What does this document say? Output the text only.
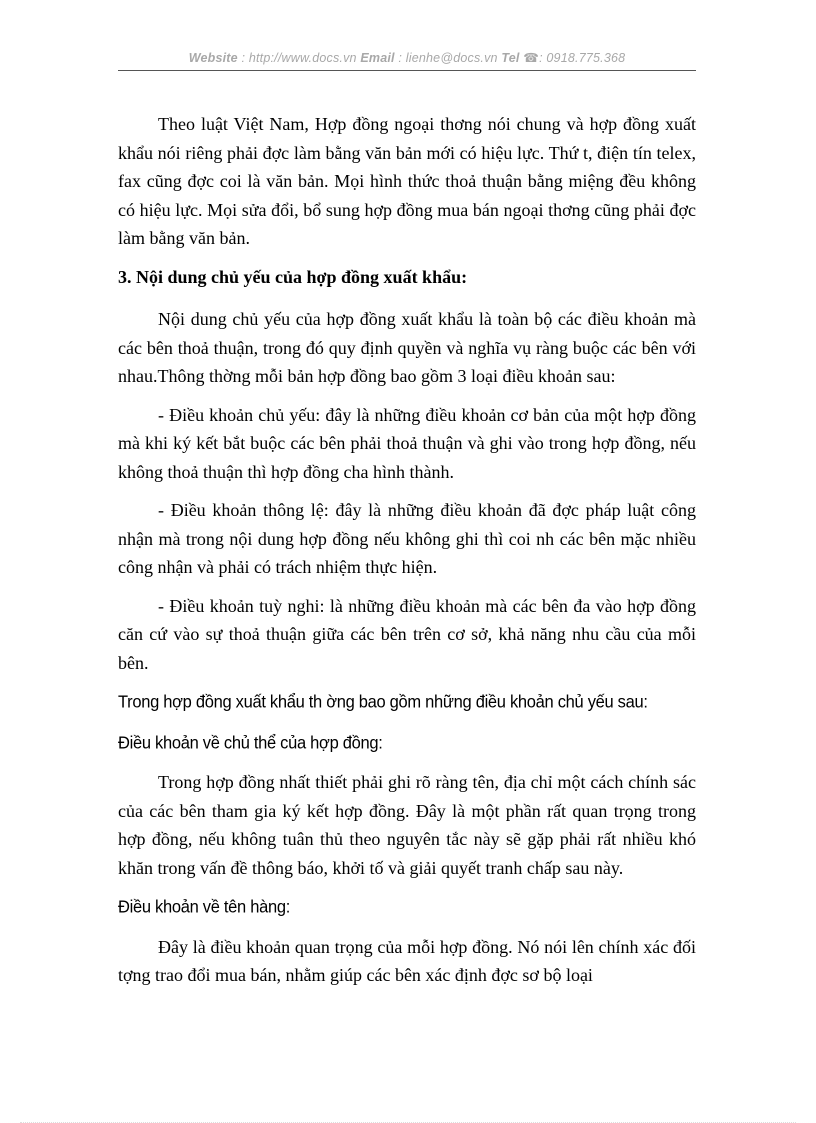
Website : http://www.docs.vn Email : lienhe@docs.vn Tel ☎: 0918.775.368

Theo luật Việt Nam, Hợp đồng ngoại thơng nói chung và hợp đồng xuất khẩu nói riêng phải đợc làm bằng văn bản mới có hiệu lực. Thứ t, điện tín telex, fax cũng đợc coi là văn bản. Mọi hình thức thoả thuận bằng miệng đều không có hiệu lực. Mọi sửa đổi, bổ sung hợp đồng mua bán ngoại thơng cũng phải đợc làm bằng văn bản.

3. Nội dung chủ yếu của hợp đồng xuất khẩu:

Nội dung chủ yếu của hợp đồng xuất khẩu là toàn bộ các điều khoản mà các bên thoả thuận, trong đó quy định quyền và nghĩa vụ ràng buộc các bên với nhau.Thông thờng mỗi bản hợp đồng bao gồm 3 loại điều khoản sau:

- Điều khoản chủ yếu: đây là những điều khoản cơ bản của một hợp đồng mà khi ký kết bắt buộc các bên phải thoả thuận và ghi vào trong hợp đồng, nếu không thoả thuận thì hợp đồng cha hình thành.

- Điều khoản thông lệ: đây là những điều khoản đã đợc pháp luật công nhận mà trong nội dung hợp đồng nếu không ghi thì coi nh các bên mặc nhiều công nhận và phải có trách nhiệm thực hiện.

- Điều khoản tuỳ nghi: là những điều khoản mà các bên đa vào hợp đồng căn cứ vào sự thoả thuận giữa các bên trên cơ sở, khả năng nhu cầu của mỗi bên.

Trong hợp đồng xuất khẩu th ờng bao gồm những điều khoản chủ yếu sau:

Điều khoản về chủ thể của hợp đồng:

Trong hợp đồng nhất thiết phải ghi rõ ràng tên, địa chỉ một cách chính sác của các bên tham gia ký kết hợp đồng. Đây là một phần rất quan trọng trong hợp đồng, nếu không tuân thủ theo nguyên tắc này sẽ gặp phải rất nhiều khó khăn trong vấn đề thông báo, khởi tố và giải quyết tranh chấp sau này.

Điều khoản về tên hàng:

Đây là điều khoản quan trọng của mỗi hợp đồng. Nó nói lên chính xác đối tợng trao đổi mua bán, nhằm giúp các bên xác định đợc sơ bộ loại
